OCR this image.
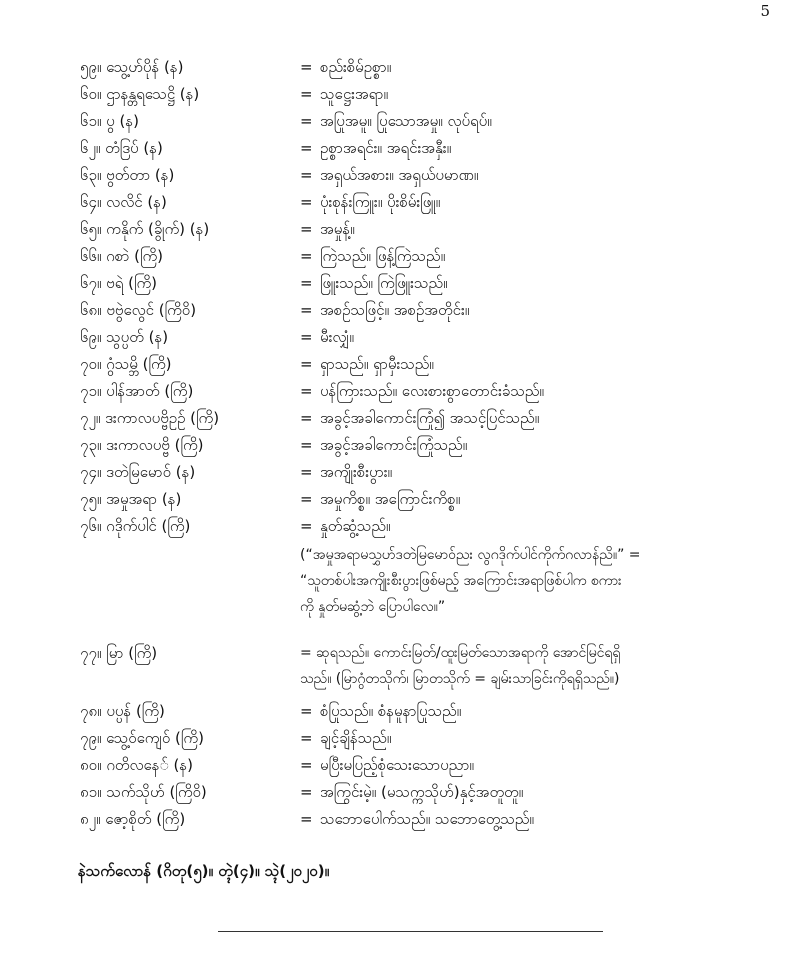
5
၅၉။ သွေ့ဟ်ပိုန် (န)	= စည်းစိမ်ဥစ္စာ။
၆၀။ ဌာနန္တရသေဋ္ဌိ (န)	= သူဋ္ဌေးအရာ။
၆၁။ ပွ (န)	= အပြုအမူ။ ပြုသောအမှု။ လုပ်ရပ်။
၆၂။ တံဒြပ် (န)	= ဥစ္စာအရင်း။ အရင်းအနှီး။
၆၃။ ဗွတ်တာ (န)	= အရှယ်အစား။ အရှယ်ပမာဏ။
၆၄။ လလိင် (န)	= ပုံးစုန်းကြူး။ ပိုးစိမ်းဖြူ။
၆၅။ ကနိုက် (ခွိုက်) (န)	= အမှုန့်။
၆၆။ ဂစာဲ (ကြိ)	= ကြဲသည်။ ဖြန့်ကြဲသည်။
၆၇။ ဗရဲ (ကြိ)	= ဖြူးသည်။ ကြဲဖြူးသည်။
၆၈။ ဗဗွဲလွေင် (ကြိဝိ)	= အစဉ်သဖြင့်။ အစဉ်အတိုင်း။
၆၉။ သွပ္ပတ် (န)	= မီးလျှံ။
၇၀။ ဂွံသမ္ဘိ (ကြိ)	= ရှာသည်။ ရှာမှီးသည်။
၇၁။ ပါန်အာတ် (ကြိ)	= ပန်ကြားသည်။ လေးစားစွာတောင်းခံသည်။
၇၂။ ဒးကာလပဗ္ဗိဥဉ် (ကြိ)	= အခွင့်အခါကောင်းကြုံ၍ အသင့်ပြင်သည်။
၇၃။ ဒးကာလပဗ္ဗိ (ကြိ)	= အခွင့်အခါကောင်းကြုံသည်။
၇၄။ ဒတဲမြမောဝ် (န)	= အကျိုးစီးပွား။
၇၅။ အမှုအရာ (န)	= အမှုကိစ္စ။ အကြောင်းကိစ္စ။
၇၆။ ဂဒိုက်ပါင် (ကြိ)	= နှုတ်ဆွံ့သည်။
(“အမှုအရာမသွှဟ်ဒတဲမြမောဝ်ညး လွဂဒိုက်ပါင်ကိုက်ဂလာန်ညိ။” =
“သူတစ်ပါးအကျိုးစီးပွားဖြစ်မည့် အကြောင်းအရာဖြစ်ပါက စကား
ကို နှုတ်မဆွံ့ဘဲ ပြောပါလေ။”
၇၇။ မြာ (ကြိ)	= ဆုရသည်။ ကောင်းမြတ်/ထူးမြတ်သောအရာကို အောင်မြင်ရရှိ
သည်။ (မြာဂွံတသိုက်၊ မြာတသိုက် = ချမ်းသာခြင်းကိုရရှိသည်။)
၇၈။ ပပ္ပန် (ကြိ)	= စံပြုသည်။ စံနမူနာပြုသည်။
၇၉။ သွေ့ဝ်ကျေဝ် (ကြိ)	= ချင့်ချိန်သည်။
၈၀။ ဂတိလနေ် (န)	= မပြီးမပြည့်စုံသေးသောပညာ။
၈၁။ သက်သိုဟ် (ကြိဝိ)	= အကြွင်းမဲ့။ (မသက္ကသိုဟ်)နှင့်အတူတူ။
၈၂။ ဇော့စိုတ် (ကြိ)	= သဘောပေါက်သည်။ သဘောတွေ့သည်။
နဲသက်လောန် (ဂိတု(၅)။ တ္ၚဲ(၄)။ သ္ၚဲ(၂၀၂၀)။
